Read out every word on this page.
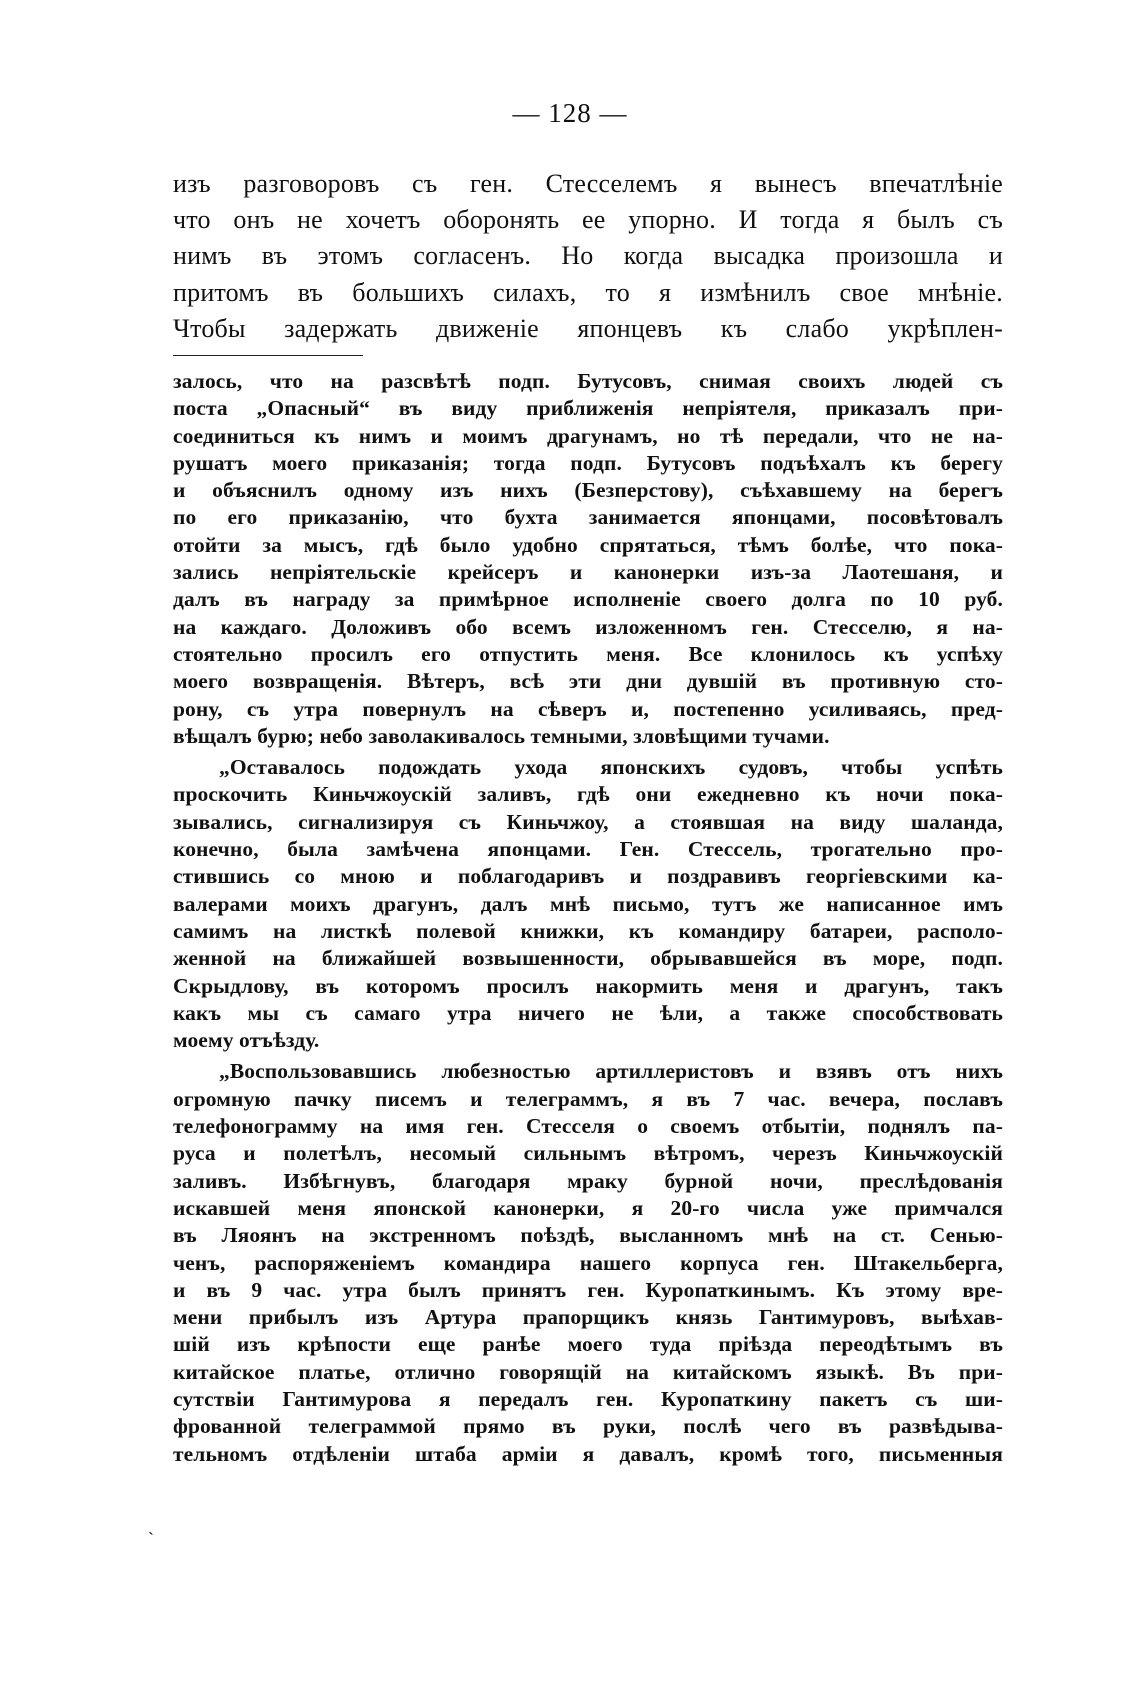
— 128 —
изъ разговоровъ съ ген. Стесселемъ я вынесъ впечатлѣніе
что онъ не хочетъ оборонять ее упорно. И тогда я былъ съ
нимъ въ этомъ согласенъ. Но когда высадка произошла и
притомъ въ большихъ силахъ, то я измѣнилъ свое мнѣніе.
Чтобы задержать движеніе японцевъ къ слабо укрѣплен-
залось, что на разсвѣтѣ подп. Бутусовъ, снимая своихъ людей съ
поста „Опасный“ въ виду приближенія непріятеля, приказалъ при-
соединиться къ нимъ и моимъ драгунамъ, но тѣ передали, что не на-
рушатъ моего приказанія; тогда подп. Бутусовъ подъѣхалъ къ берегу
и объяснилъ одному изъ нихъ (Безперстову), съѣхавшему на берегъ
по его приказанію, что бухта занимается японцами, посовѣтовалъ
отойти за мысъ, гдѣ было удобно спрятаться, тѣмъ болѣе, что пока-
зались непріятельскіе крейсеръ и канонерки изъ-за Лаотешаня, и
далъ въ награду за примѣрное исполненіе своего долга по 10 руб.
на каждаго. Доложивъ обо всемъ изложенномъ ген. Стесселю, я на-
стоятельно просилъ его отпустить меня. Все клонилось къ успѣху
моего возвращенія. Вѣтеръ, всѣ эти дни дувшій въ противную сто-
рону, съ утра повернулъ на сѣверъ и, постепенно усиливаясь, пред-
вѣщалъ бурю; небо заволакивалось темными, зловѣщими тучами.
„Оставалось подождать ухода японскихъ судовъ, чтобы успѣть
проскочить Киньчжоускій заливъ, гдѣ они ежедневно къ ночи пока-
зывались, сигнализируя съ Киньчжоу, а стоявшая на виду шаланда,
конечно, была замѣчена японцами. Ген. Стессель, трогательно про-
стившись со мною и поблагодаривъ и поздравивъ георгіевскими ка-
валерами моихъ драгунъ, далъ мнѣ письмо, тутъ же написанное имъ
самимъ на листкѣ полевой книжки, къ командиру батареи, располо-
женной на ближайшей возвышенности, обрывавшейся въ море, подп.
Скрыдлову, въ которомъ просилъ накормить меня и драгунъ, такъ
какъ мы съ самаго утра ничего не ѣли, а также способствовать
моему отъѣзду.
„Воспользовавшись любезностью артиллеристовъ и взявъ отъ нихъ
огромную пачку писемъ и телеграммъ, я въ 7 час. вечера, пославъ
телефонограмму на имя ген. Стесселя о своемъ отбытіи, поднялъ па-
руса и полетѣлъ, несомый сильнымъ вѣтромъ, черезъ Киньчжоускій
заливъ. Избѣгнувъ, благодаря мраку бурной ночи, преслѣдованія
искавшей меня японской канонерки, я 20-го числа уже примчался
въ Ляоянъ на экстренномъ поѣздѣ, высланномъ мнѣ на ст. Сенью-
ченъ, распоряженіемъ командира нашего корпуса ген. Штакельберга,
и въ 9 час. утра былъ принятъ ген. Куропаткинымъ. Къ этому вре-
мени прибылъ изъ Артура прапорщикъ князь Гантимуровъ, выѣхав-
шій изъ крѣпости еще ранѣе моего туда пріѣзда переодѣтымъ въ
китайское платье, отлично говорящій на китайскомъ языкѣ. Въ при-
сутствіи Гантимурова я передалъ ген. Куропаткину пакетъ съ ши-
фрованной телеграммой прямо въ руки, послѣ чего въ развѣдыва-
тельномъ отдѣленіи штаба арміи я давалъ, кромѣ того, письменныя
ˏ
